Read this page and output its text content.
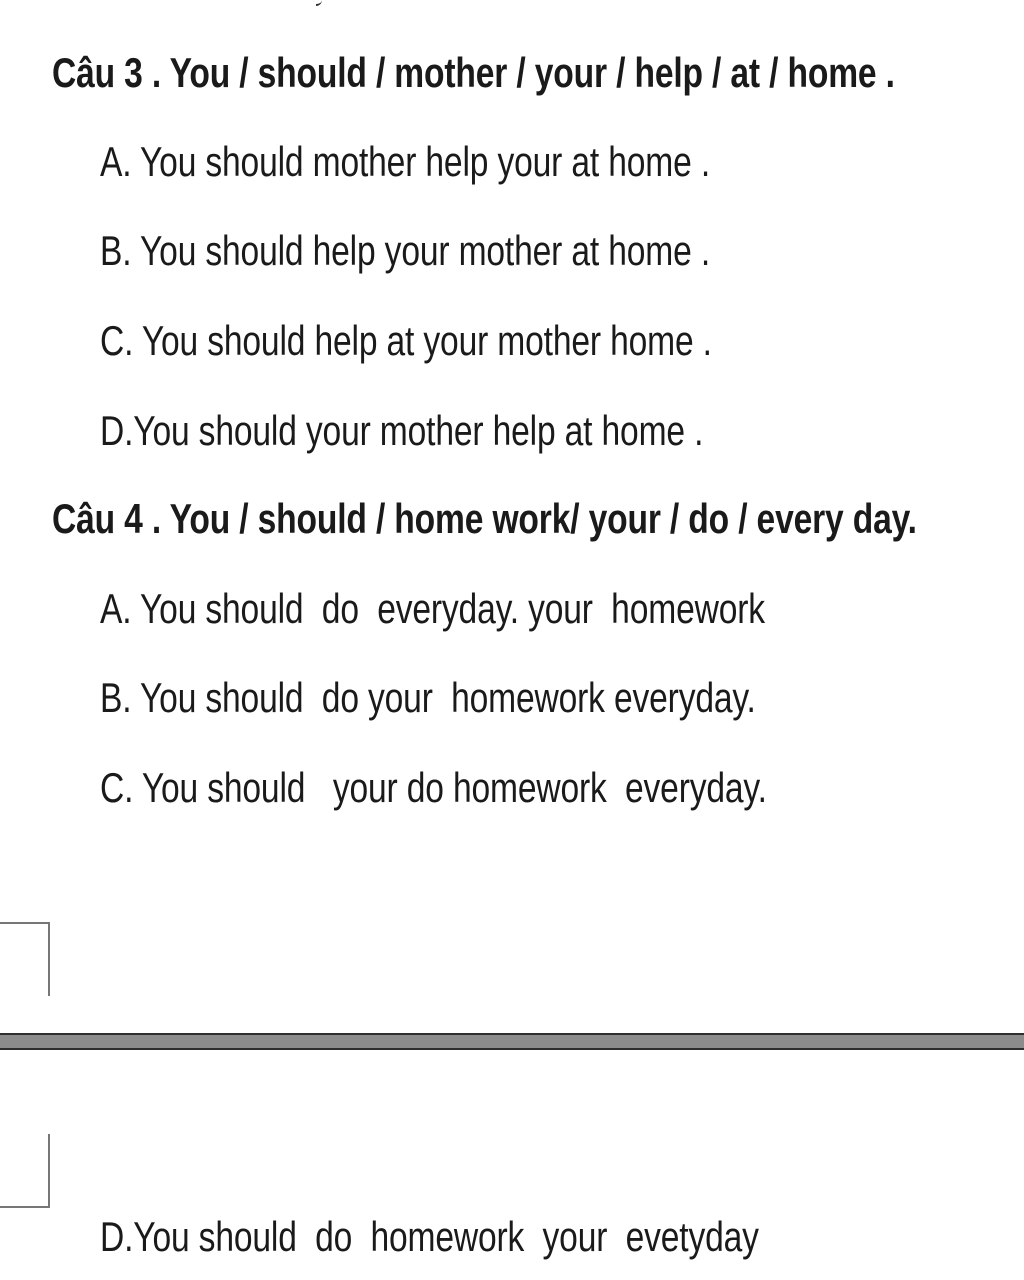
Câu 3 . You / should / mother / your / help / at / home .
A. You should mother help your at home .
B. You should help your mother at home .
C. You should help at your mother home .
D.You should your mother help at home .
Câu 4 . You / should / home work/ your / do / every day.
A. You should  do  everyday. your  homework
B. You should  do your  homework everyday.
C. You should   your do homework  everyday.
D.You should  do  homework  your  evetyday
